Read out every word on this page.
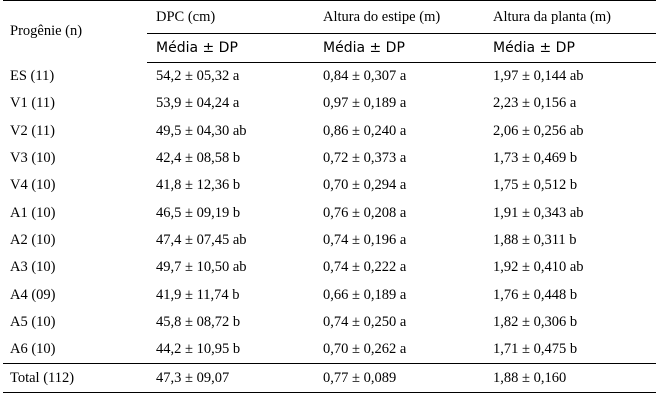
Progênie (n)	DPC (cm)	Altura do estipe (m)	Altura da planta (m)
	Média ± DP	Média ± DP	Média ± DP
ES (11)	54,2 ± 05,32 a	0,84 ± 0,307 a	1,97 ± 0,144 ab
V1 (11)	53,9 ± 04,24 a	0,97 ± 0,189 a	2,23 ± 0,156 a
V2 (11)	49,5 ± 04,30 ab	0,86 ± 0,240 a	2,06 ± 0,256 ab
V3 (10)	42,4 ± 08,58 b	0,72 ± 0,373 a	1,73 ± 0,469 b
V4 (10)	41,8 ± 12,36 b	0,70 ± 0,294 a	1,75 ± 0,512 b
A1 (10)	46,5 ± 09,19 b	0,76 ± 0,208 a	1,91 ± 0,343 ab
A2 (10)	47,4 ± 07,45 ab	0,74 ± 0,196 a	1,88 ± 0,311 b
A3 (10)	49,7 ± 10,50 ab	0,74 ± 0,222 a	1,92 ± 0,410 ab
A4 (09)	41,9 ± 11,74 b	0,66 ± 0,189 a	1,76 ± 0,448 b
A5 (10)	45,8 ± 08,72 b	0,74 ± 0,250 a	1,82 ± 0,306 b
A6 (10)	44,2 ± 10,95 b	0,70 ± 0,262 a	1,71 ± 0,475 b
Total (112)	47,3 ± 09,07	0,77 ± 0,089	1,88 ± 0,160
